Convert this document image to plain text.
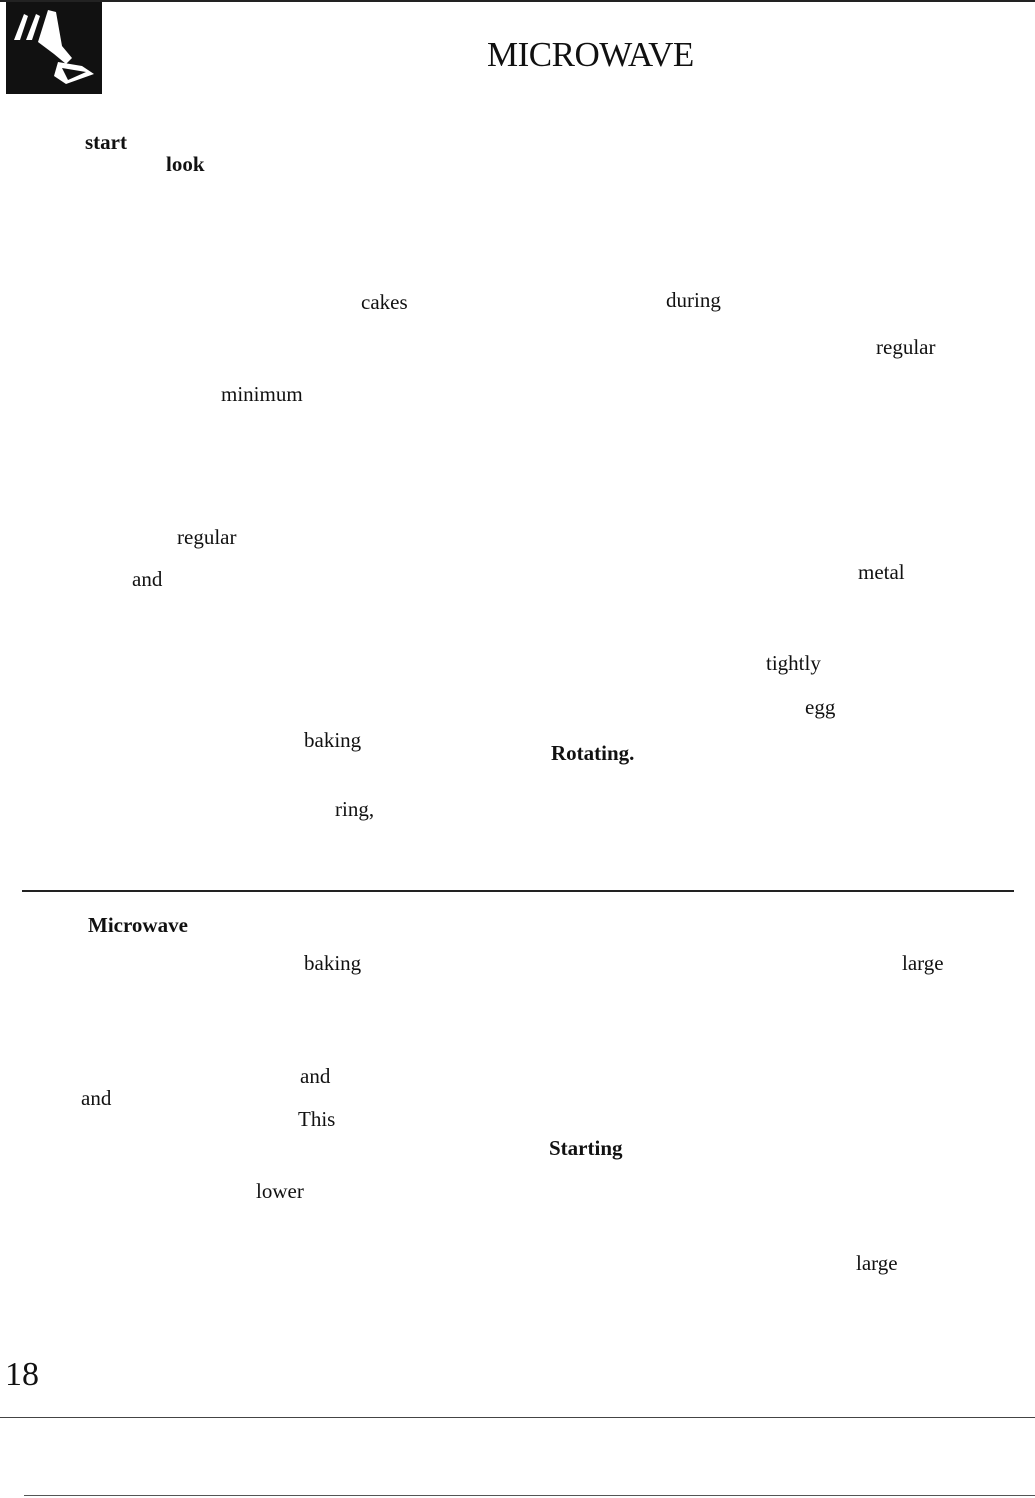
MICROWAVE
start
look
cakes	during
regular
minimum
regular
and	metal
tightly
egg
baking
Rotating.
ring,
Microwave
baking	large
and
and
This
Starting
lower
large
18
